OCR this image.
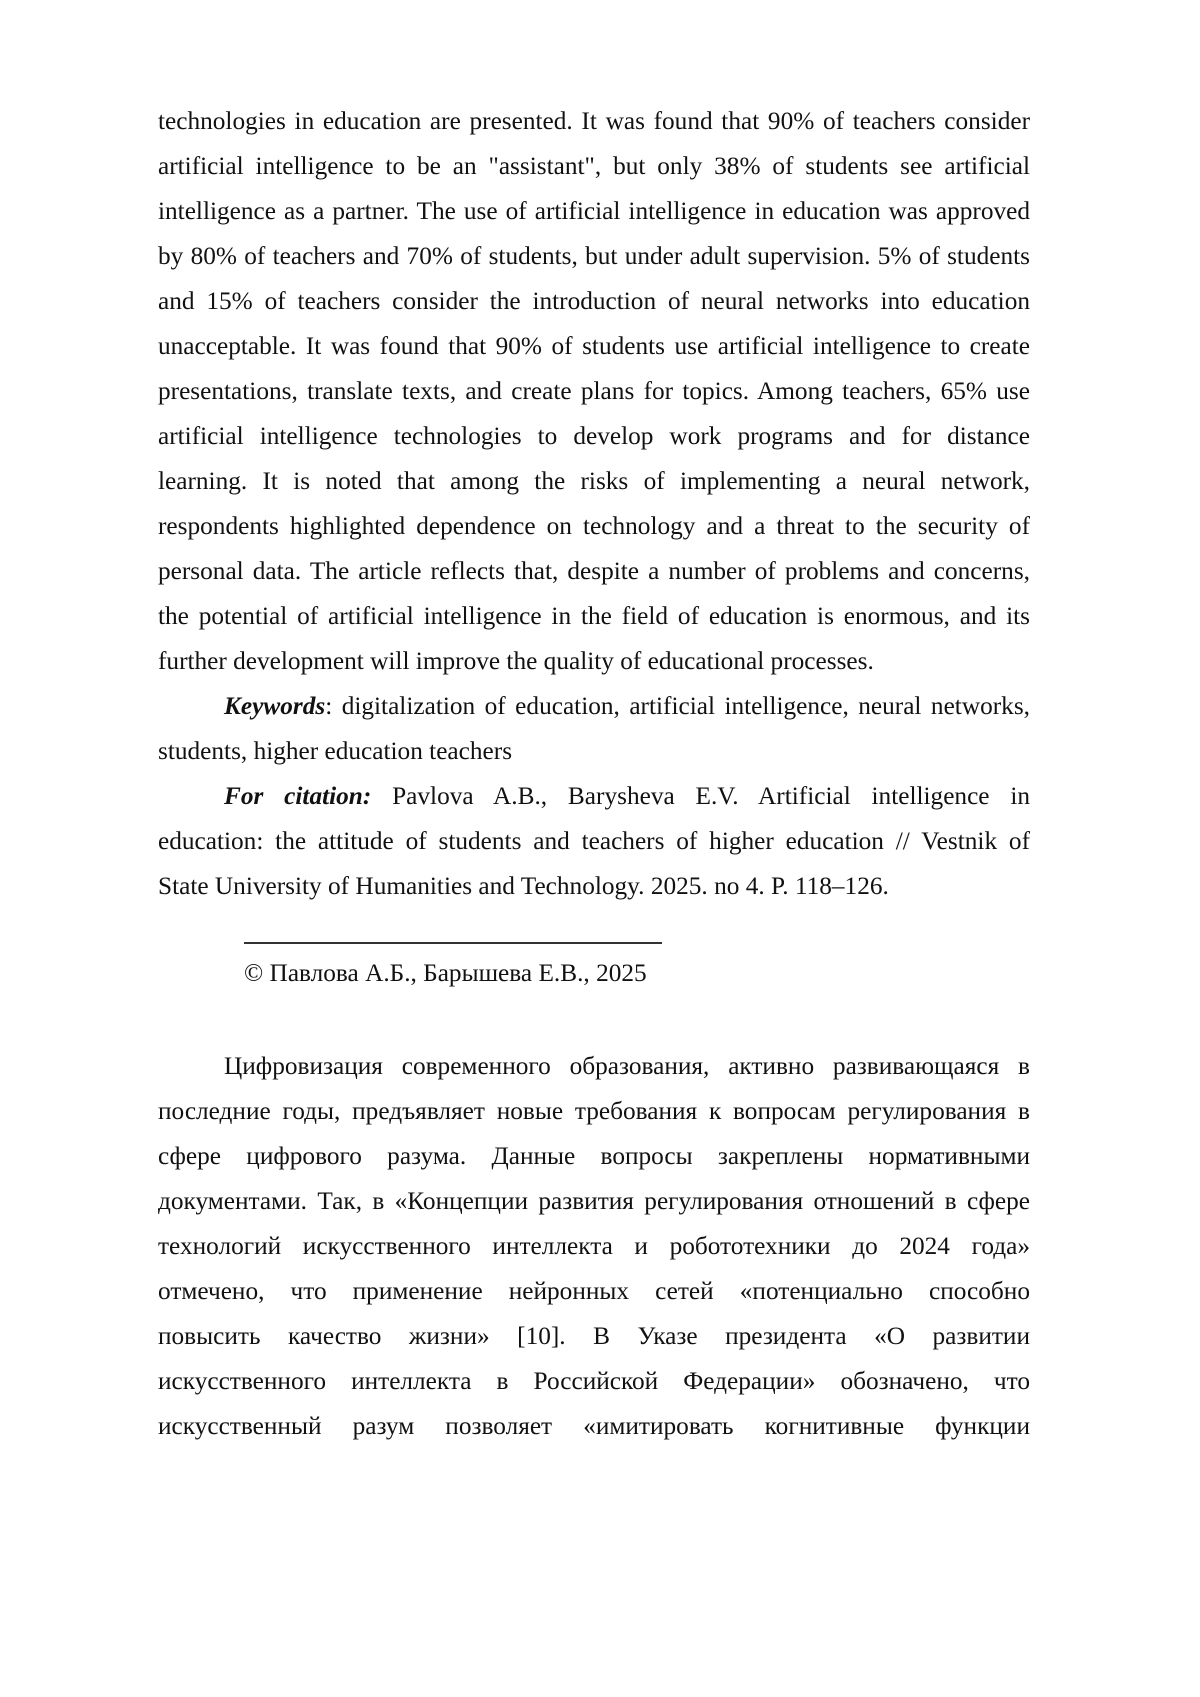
technologies in education are presented. It was found that 90% of teachers consider
artificial intelligence to be an "assistant", but only 38% of students see artificial
intelligence as a partner. The use of artificial intelligence in education was approved
by 80% of teachers and 70% of students, but under adult supervision. 5% of students
and 15% of teachers consider the introduction of neural networks into education
unacceptable. It was found that 90% of students use artificial intelligence to create
presentations, translate texts, and create plans for topics. Among teachers, 65% use
artificial intelligence technologies to develop work programs and for distance
learning. It is noted that among the risks of implementing a neural network,
respondents highlighted dependence on technology and a threat to the security of
personal data. The article reflects that, despite a number of problems and concerns,
the potential of artificial intelligence in the field of education is enormous, and its
further development will improve the quality of educational processes.
Keywords: digitalization of education, artificial intelligence, neural networks,
students, higher education teachers
For citation: Pavlova A.B., Barysheva E.V. Artificial intelligence in
education: the attitude of students and teachers of higher education // Vestnik of
State University of Humanities and Technology. 2025. no 4. P. 118–126.
© Павлова А.Б., Барышева Е.В., 2025
Цифровизация современного образования, активно развивающаяся в
последние годы, предъявляет новые требования к вопросам регулирования в
сфере цифрового разума. Данные вопросы закреплены нормативными
документами. Так, в «Концепции развития регулирования отношений в сфере
технологий искусственного интеллекта и робототехники до 2024 года»
отмечено, что применение нейронных сетей «потенциально способно
повысить качество жизни» [10]. В Указе президента «О развитии
искусственного интеллекта в Российской Федерации» обозначено, что
искусственный разум позволяет «имитировать когнитивные функции
